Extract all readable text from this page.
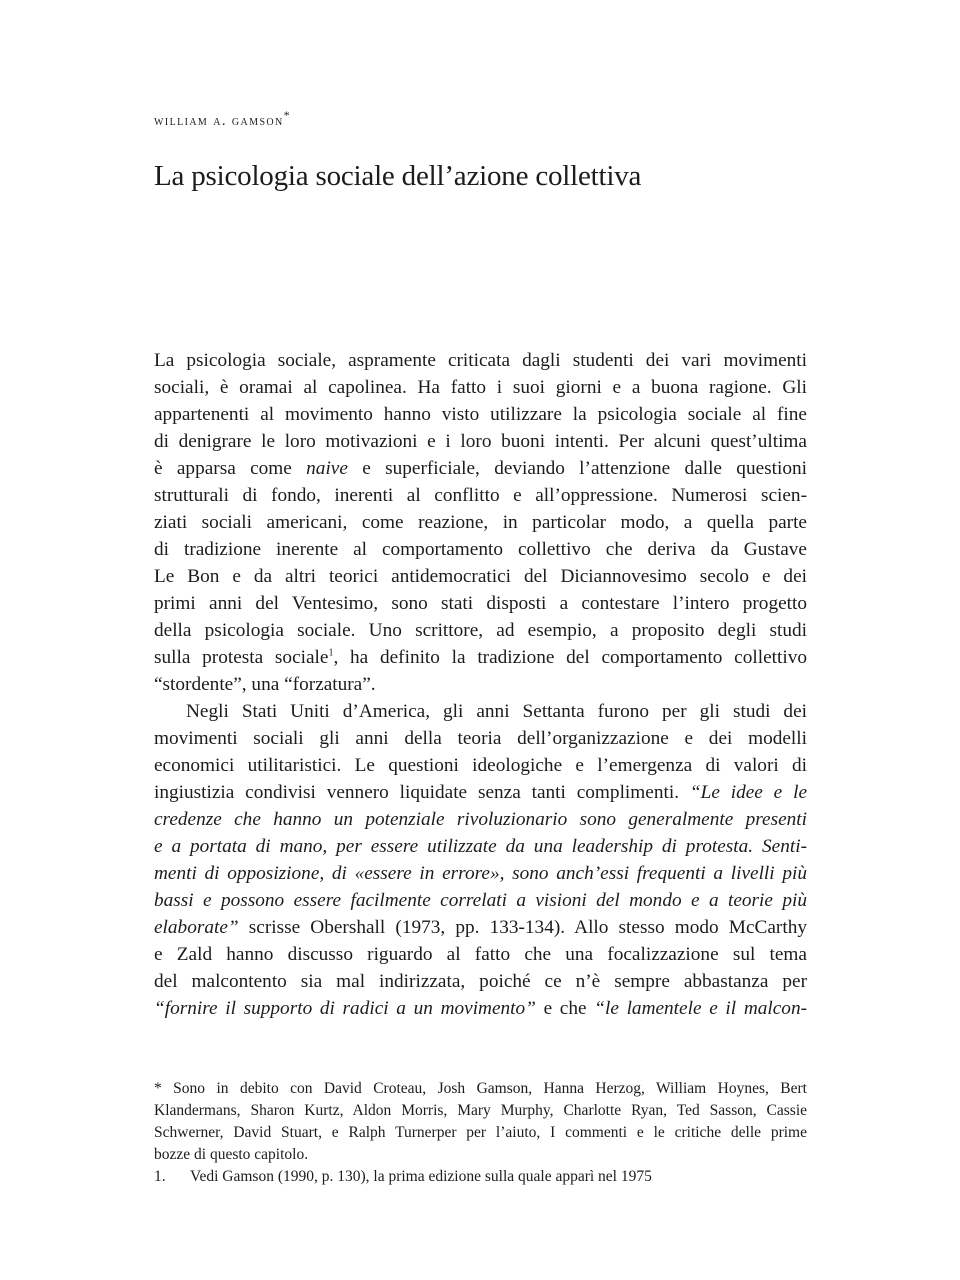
william a. gamson*
La psicologia sociale dell’azione collettiva
La psicologia sociale, aspramente criticata dagli studenti dei vari movimenti
sociali, è oramai al capolinea. Ha fatto i suoi giorni e a buona ragione. Gli
appartenenti al movimento hanno visto utilizzare la psicologia sociale al fine
di denigrare le loro motivazioni e i loro buoni intenti. Per alcuni quest’ultima
è apparsa come naive e superficiale, deviando l’attenzione dalle questioni
strutturali di fondo, inerenti al conflitto e all’oppressione. Numerosi scien-
ziati sociali americani, come reazione, in particolar modo, a quella parte
di tradizione inerente al comportamento collettivo che deriva da Gustave
Le Bon e da altri teorici antidemocratici del Diciannovesimo secolo e dei
primi anni del Ventesimo, sono stati disposti a contestare l’intero progetto
della psicologia sociale. Uno scrittore, ad esempio, a proposito degli studi
sulla protesta sociale$^1$, ha definito la tradizione del comportamento collettivo
“stordente”, una “forzatura”.
Negli Stati Uniti d’America, gli anni Settanta furono per gli studi dei
movimenti sociali gli anni della teoria dell’organizzazione e dei modelli
economici utilitaristici. Le questioni ideologiche e l’emergenza di valori di
ingiustizia condivisi vennero liquidate senza tanti complimenti. “Le idee e le
credenze che hanno un potenziale rivoluzionario sono generalmente presenti
e a portata di mano, per essere utilizzate da una leadership di protesta. Senti-
menti di opposizione, di «essere in errore», sono anch’essi frequenti a livelli più
bassi e possono essere facilmente correlati a visioni del mondo e a teorie più
elaborate” scrisse Obershall (1973, pp. 133-134). Allo stesso modo McCarthy
e Zald hanno discusso riguardo al fatto che una focalizzazione sul tema
del malcontento sia mal indirizzata, poiché ce n’è sempre abbastanza per
“fornire il supporto di radici a un movimento” e che “le lamentele e il malcon-
* Sono in debito con David Croteau, Josh Gamson, Hanna Herzog, William Hoynes, Bert
Klandermans, Sharon Kurtz, Aldon Morris, Mary Murphy, Charlotte Ryan, Ted Sasson, Cassie
Schwerner, David Stuart, e Ralph Turnerper per l’aiuto, I commenti e le critiche delle prime
bozze di questo capitolo.
1. Vedi Gamson (1990, p. 130), la prima edizione sulla quale apparì nel 1975
